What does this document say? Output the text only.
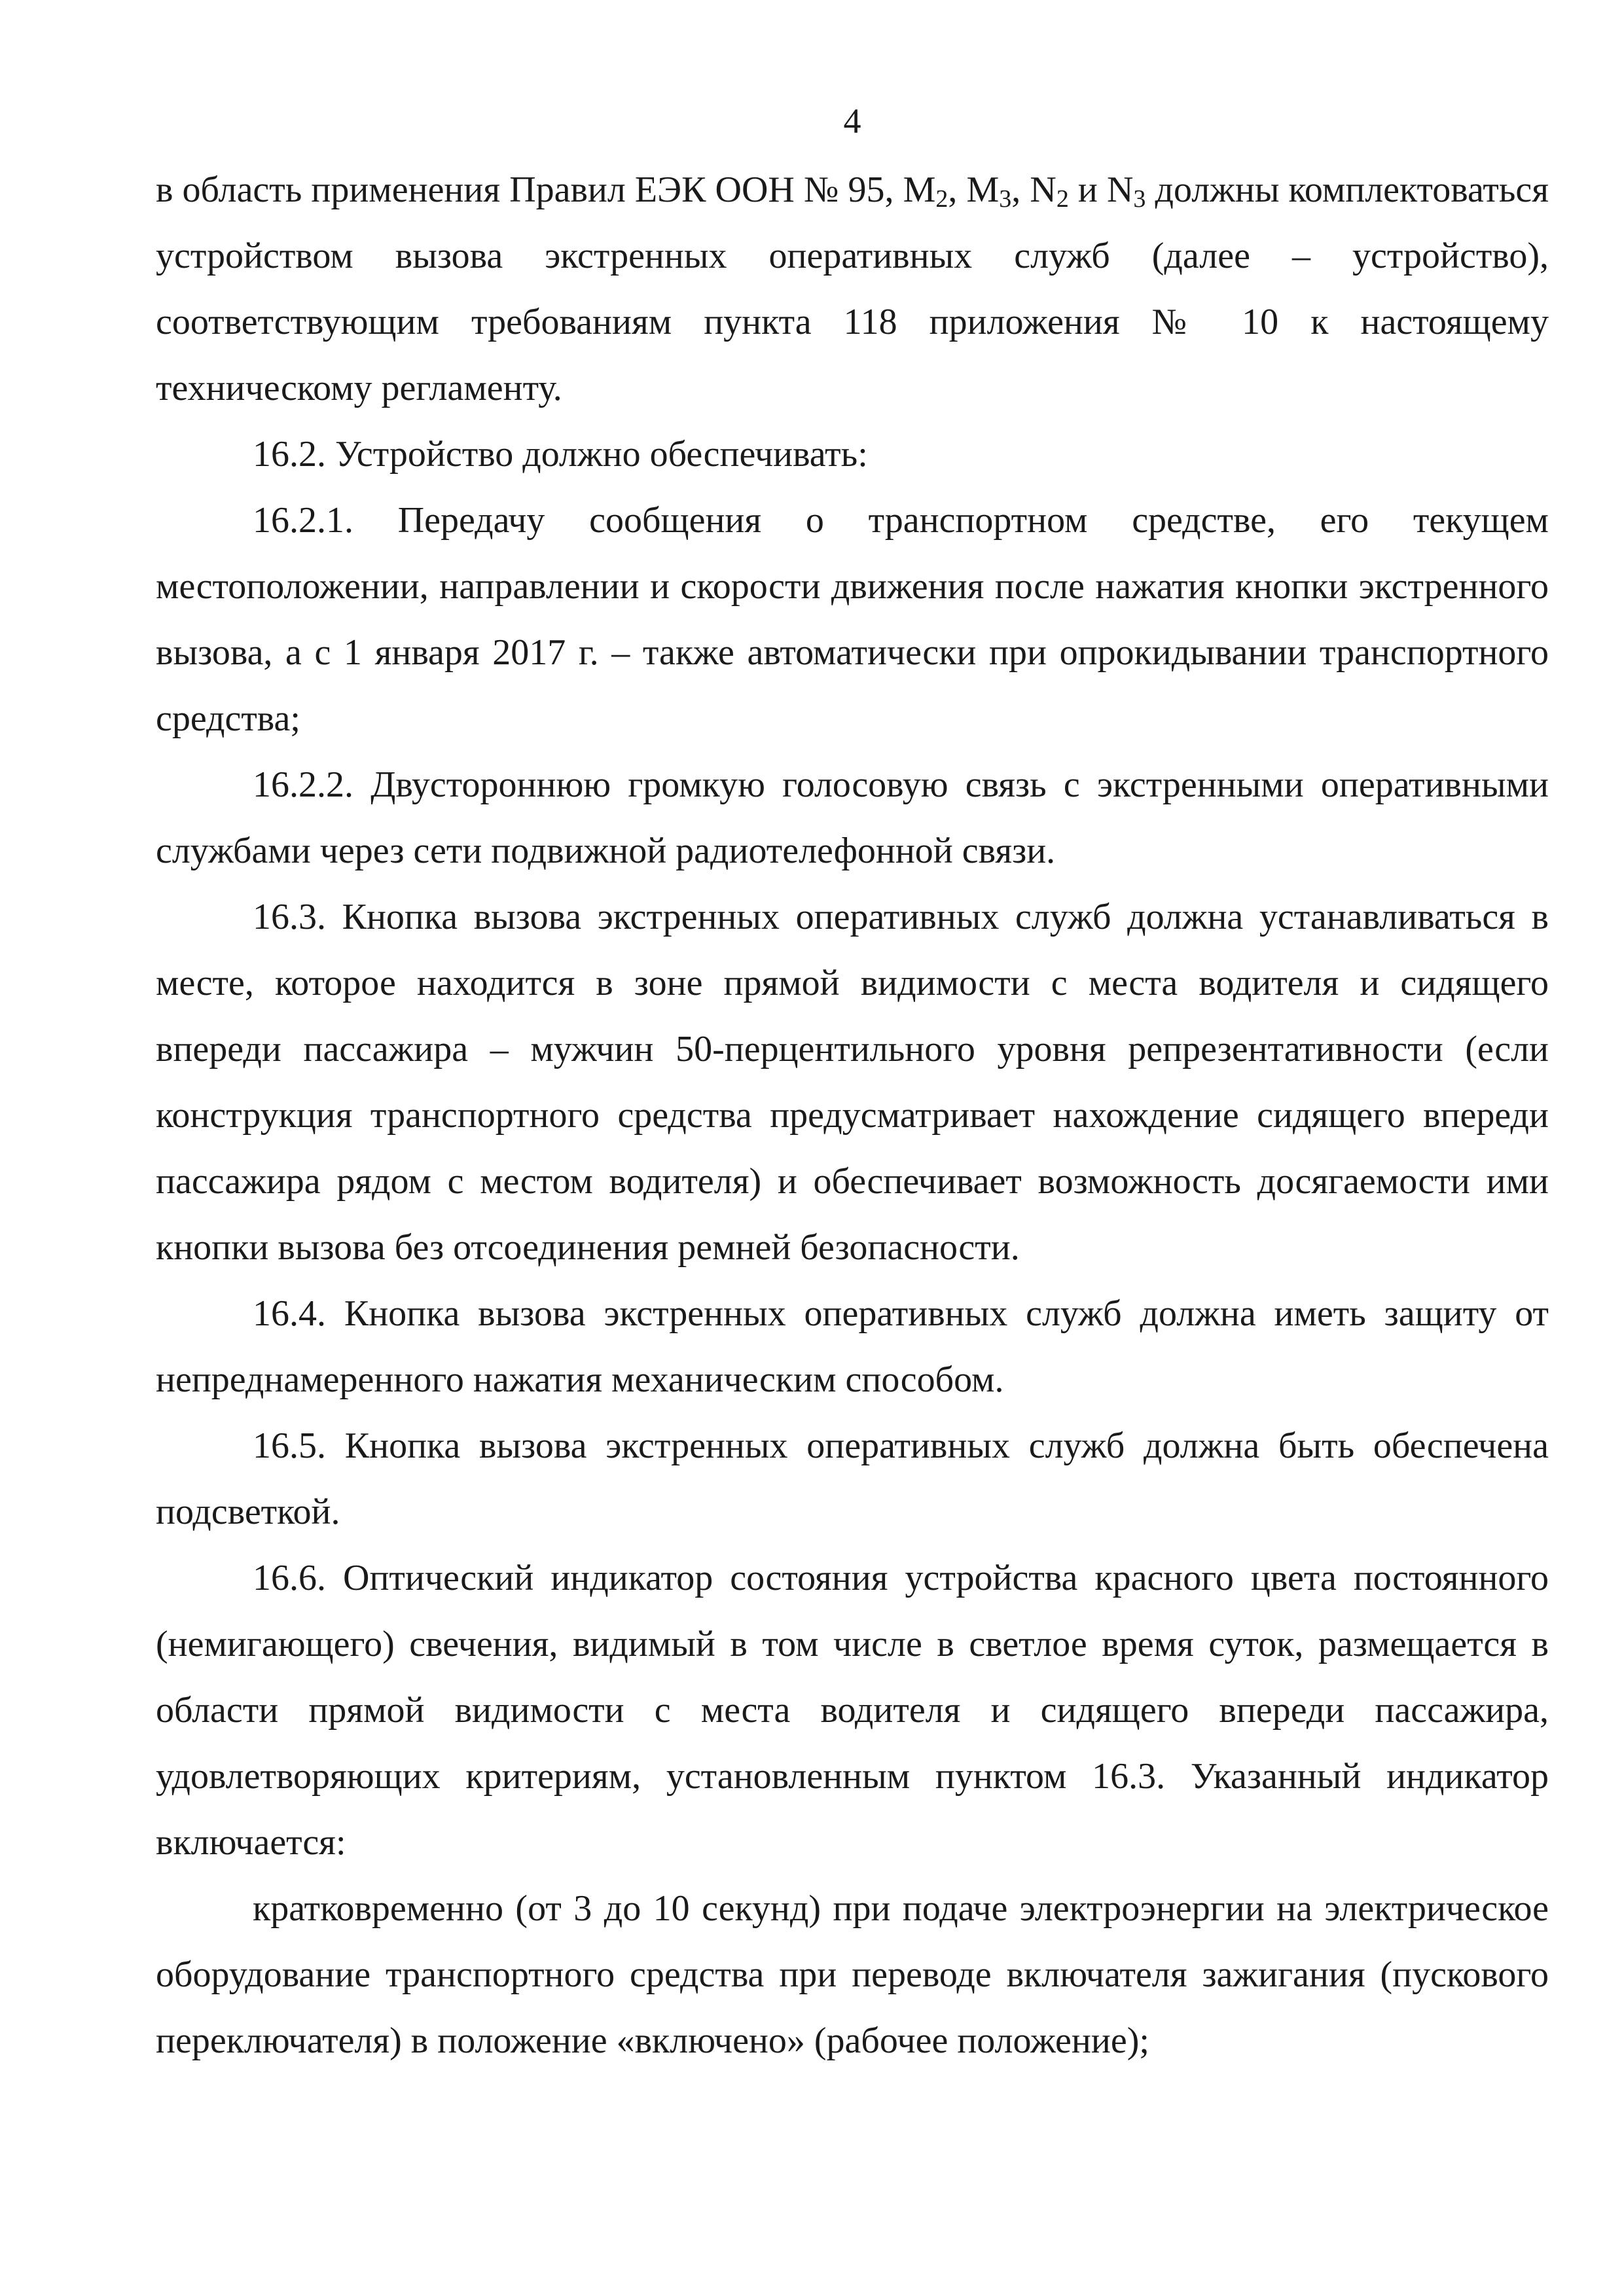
4

в область применения Правил ЕЭК ООН № 95, $M_2$, $M_3$, $N_2$ и $N_3$ должны комплектоваться устройством вызова экстренных оперативных служб (далее – устройство), соответствующим требованиям пункта 118 приложения № 10 к настоящему техническому регламенту.

16.2. Устройство должно обеспечивать:

16.2.1. Передачу сообщения о транспортном средстве, его текущем местоположении, направлении и скорости движения после нажатия кнопки экстренного вызова, а с 1 января 2017 г. – также автоматически при опрокидывании транспортного средства;

16.2.2. Двустороннюю громкую голосовую связь с экстренными оперативными службами через сети подвижной радиотелефонной связи.

16.3. Кнопка вызова экстренных оперативных служб должна устанавливаться в месте, которое находится в зоне прямой видимости с места водителя и сидящего впереди пассажира – мужчин 50-перцентильного уровня репрезентативности (если конструкция транспортного средства предусматривает нахождение сидящего впереди пассажира рядом с местом водителя) и обеспечивает возможность досягаемости ими кнопки вызова без отсоединения ремней безопасности.

16.4. Кнопка вызова экстренных оперативных служб должна иметь защиту от непреднамеренного нажатия механическим способом.

16.5. Кнопка вызова экстренных оперативных служб должна быть обеспечена подсветкой.

16.6. Оптический индикатор состояния устройства красного цвета постоянного (немигающего) свечения, видимый в том числе в светлое время суток, размещается в области прямой видимости с места водителя и сидящего впереди пассажира, удовлетворяющих критериям, установленным пунктом 16.3. Указанный индикатор включается:

кратковременно (от 3 до 10 секунд) при подаче электроэнергии на электрическое оборудование транспортного средства при переводе включателя зажигания (пускового переключателя) в положение «включено» (рабочее положение);
